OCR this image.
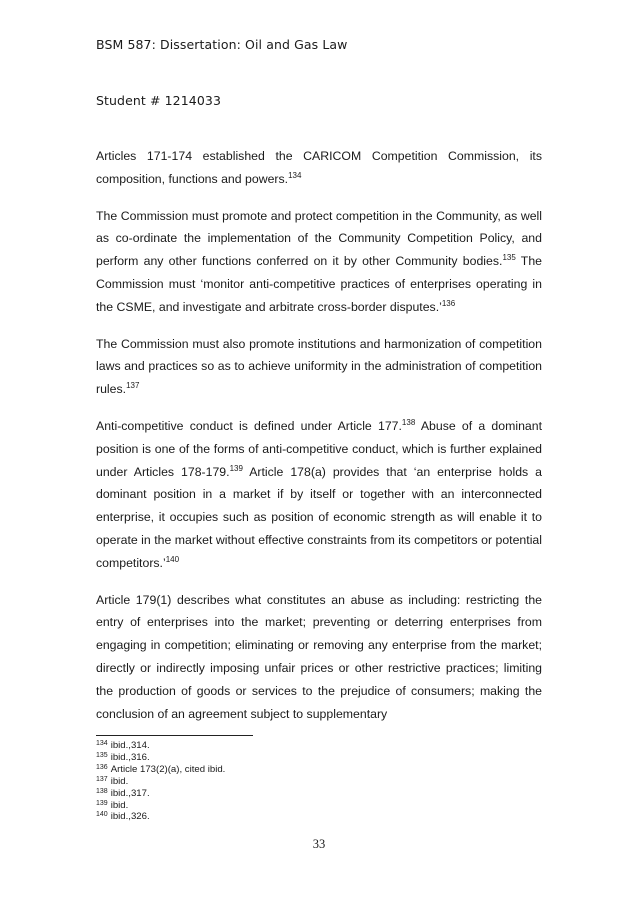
BSM 587: Dissertation: Oil and Gas Law
Student # 1214033

Articles 171-174 established the CARICOM Competition Commission, its composition, functions and powers.$^{134}$

The Commission must promote and protect competition in the Community, as well as co-ordinate the implementation of the Community Competition Policy, and perform any other functions conferred on it by other Community bodies.$^{135}$ The Commission must ‘monitor anti-competitive practices of enterprises operating in the CSME, and investigate and arbitrate cross-border disputes.’$^{136}$

The Commission must also promote institutions and harmonization of competition laws and practices so as to achieve uniformity in the administration of competition rules.$^{137}$

Anti-competitive conduct is defined under Article 177.$^{138}$ Abuse of a dominant position is one of the forms of anti-competitive conduct, which is further explained under Articles 178-179.$^{139}$ Article 178(a) provides that ‘an enterprise holds a dominant position in a market if by itself or together with an interconnected enterprise, it occupies such as position of economic strength as will enable it to operate in the market without effective constraints from its competitors or potential competitors.’$^{140}$

Article 179(1) describes what constitutes an abuse as including: restricting the entry of enterprises into the market; preventing or deterring enterprises from engaging in competition; eliminating or removing any enterprise from the market; directly or indirectly imposing unfair prices or other restrictive practices; limiting the production of goods or services to the prejudice of consumers; making the conclusion of an agreement subject to supplementary

$^{134}$ ibid.,314.
$^{135}$ ibid.,316.
$^{136}$ Article 173(2)(a), cited ibid.
$^{137}$ ibid.
$^{138}$ ibid.,317.
$^{139}$ ibid.
$^{140}$ ibid.,326.
33
